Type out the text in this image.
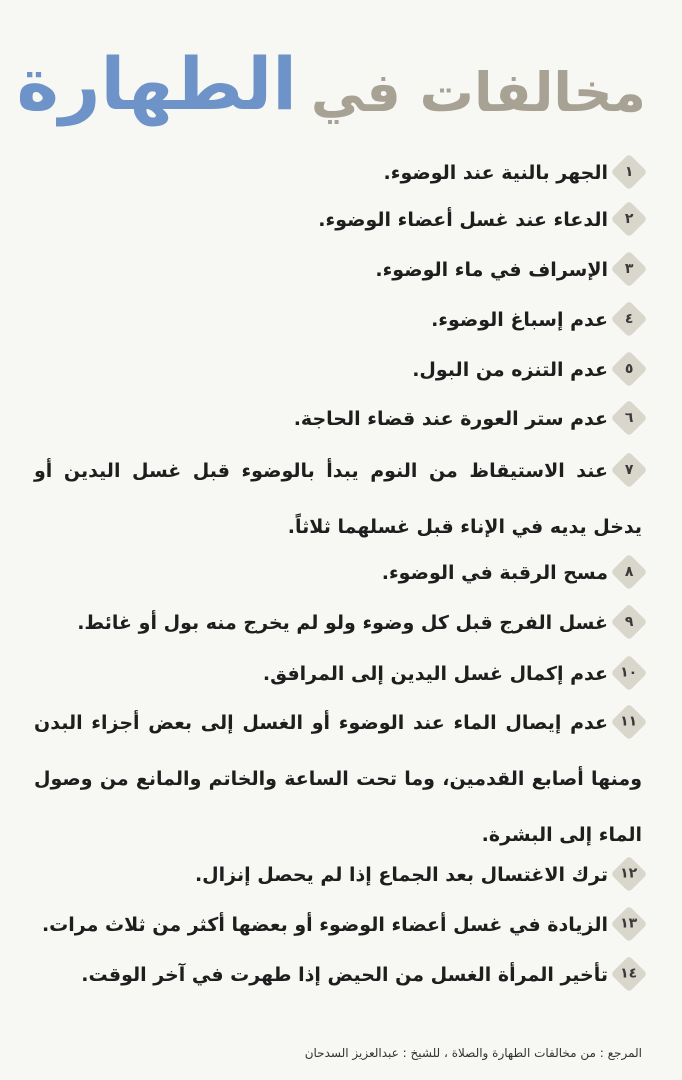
مخالفات في
الطهارة
١
الجهر بالنية عند الوضوء.
٢
الدعاء عند غسل أعضاء الوضوء.
٣
الإسراف في ماء الوضوء.
٤
عدم إسباغ الوضوء.
٥
عدم التنزه من البول.
٦
عدم ستر العورة عند قضاء الحاجة.
٧
عند الاستيقاظ من النوم يبدأ بالوضوء قبل غسل اليدين أو يدخل يديه في الإناء قبل غسلهما ثلاثاً.
٨
مسح الرقبة في الوضوء.
٩
غسل الفرج قبل كل وضوء ولو لم يخرج منه بول أو غائط.
١٠
عدم إكمال غسل اليدين إلى المرافق.
١١
عدم إيصال الماء عند الوضوء أو الغسل إلى بعض أجزاء البدن ومنها أصابع القدمين، وما تحت الساعة والخاتم والمانع من وصول الماء إلى البشرة.
١٢
ترك الاغتسال بعد الجماع إذا لم يحصل إنزال.
١٣
الزيادة في غسل أعضاء الوضوء أو بعضها أكثر من ثلاث مرات.
١٤
تأخير المرأة الغسل من الحيض إذا طهرت في آخر الوقت.
المرجع : من مخالفات الطهارة والصلاة ، للشيخ : عبدالعزيز السدحان
